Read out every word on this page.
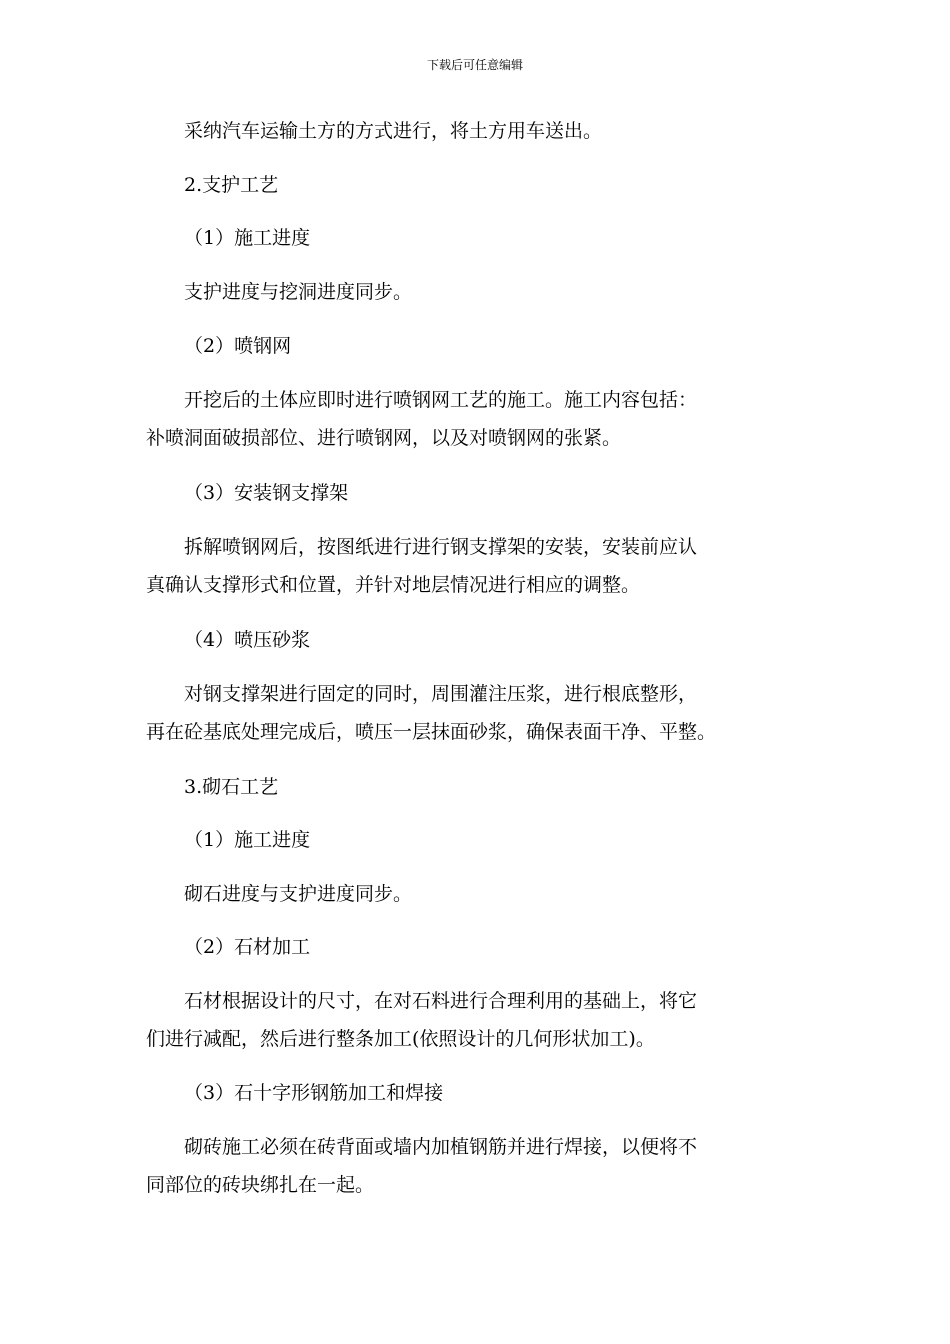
下载后可任意编辑
采纳汽车运输土方的方式进行，将土方用车送出。
2.支护工艺
（1）施工进度
支护进度与挖洞进度同步。
（2）喷钢网
开挖后的土体应即时进行喷钢网工艺的施工。施工内容包括：
补喷洞面破损部位、进行喷钢网，以及对喷钢网的张紧。
（3）安装钢支撑架
拆解喷钢网后，按图纸进行进行钢支撑架的安装，安装前应认
真确认支撑形式和位置，并针对地层情况进行相应的调整。
（4）喷压砂浆
对钢支撑架进行固定的同时，周围灌注压浆，进行根底整形，
再在砼基底处理完成后，喷压一层抹面砂浆，确保表面干净、平整。
3.砌石工艺
（1）施工进度
砌石进度与支护进度同步。
（2）石材加工
石材根据设计的尺寸，在对石料进行合理利用的基础上，将它
们进行减配，然后进行整条加工(依照设计的几何形状加工)。
（3）石十字形钢筋加工和焊接
砌砖施工必须在砖背面或墙内加植钢筋并进行焊接，以便将不
同部位的砖块绑扎在一起。
